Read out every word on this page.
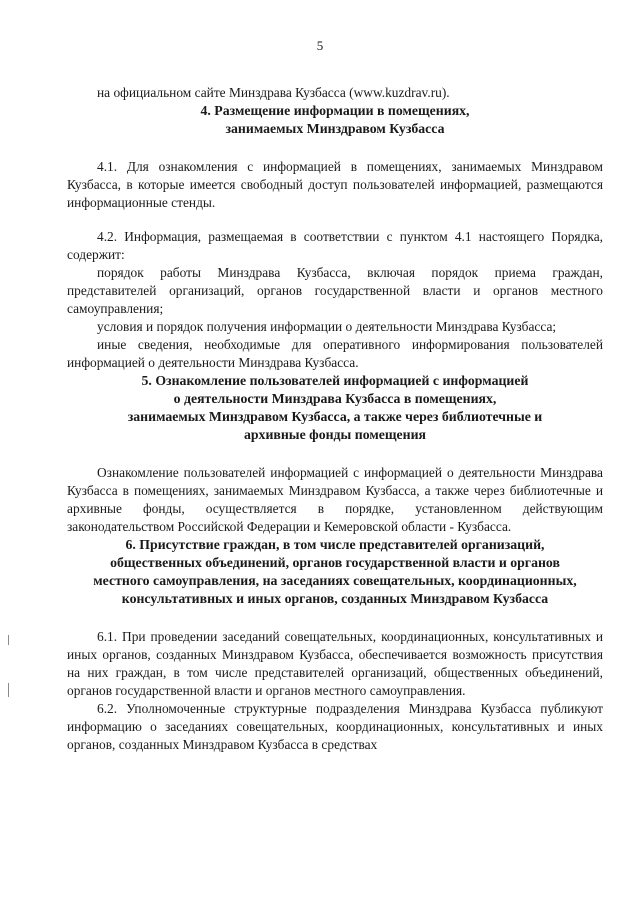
5

на официальном сайте Минздрава Кузбасса (www.kuzdrav.ru).

4. Размещение информации в помещениях,
занимаемых Минздравом Кузбасса

4.1. Для ознакомления с информацией в помещениях, занимаемых Минздравом Кузбасса, в которые имеется свободный доступ пользователей информацией, размещаются информационные стенды.

4.2. Информация, размещаемая в соответствии с пунктом 4.1 настоящего Порядка, содержит:

порядок работы Минздрава Кузбасса, включая порядок приема граждан, представителей организаций, органов государственной власти и органов местного самоуправления;

условия и порядок получения информации о деятельности Минздрава Кузбасса;

иные сведения, необходимые для оперативного информирования пользователей информацией о деятельности Минздрава Кузбасса.

5. Ознакомление пользователей информацией с информацией
о деятельности Минздрава Кузбасса в помещениях,
занимаемых Минздравом Кузбасса, а также через библиотечные и
архивные фонды помещения

Ознакомление пользователей информацией с информацией о деятельности Минздрава Кузбасса в помещениях, занимаемых Минздравом Кузбасса, а также через библиотечные и архивные фонды, осуществляется в порядке, установленном действующим законодательством Российской Федерации и Кемеровской области - Кузбасса.

6. Присутствие граждан, в том числе представителей организаций,
общественных объединений, органов государственной власти и органов
местного самоуправления, на заседаниях совещательных, координационных,
консультативных и иных органов, созданных Минздравом Кузбасса

6.1. При проведении заседаний совещательных, координационных, консультативных и иных органов, созданных Минздравом Кузбасса, обеспечивается возможность присутствия на них граждан, в том числе представителей организаций, общественных объединений, органов государственной власти и органов местного самоуправления.

6.2. Уполномоченные структурные подразделения Минздрава Кузбасса публикуют информацию о заседаниях совещательных, координационных, консультативных и иных органов, созданных Минздравом Кузбасса в средствах
